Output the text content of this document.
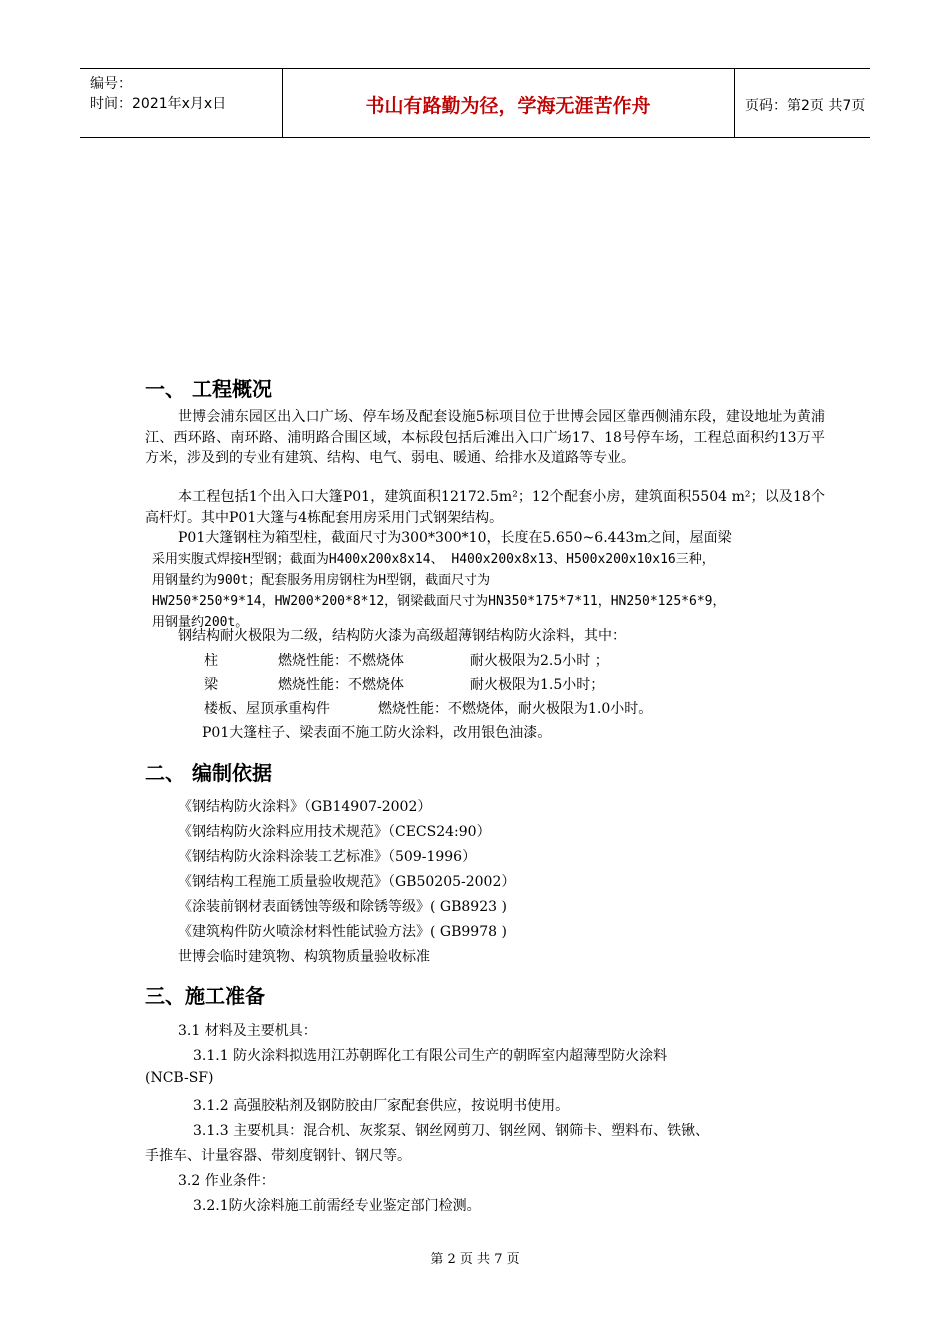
编号：
时间：2021年x月x日	书山有路勤为径，学海无涯苦作舟	页码：第2页 共7页
一、 工程概况
世博会浦东园区出入口广场、停车场及配套设施5标项目位于世博会园区靠西侧浦东段，建设地址为黄浦江、西环路、南环路、浦明路合围区域，本标段包括后滩出入口广场17、18号停车场，工程总面积约13万平方米，涉及到的专业有建筑、结构、电气、弱电、暖通、给排水及道路等专业。
本工程包括1个出入口大篷P01，建筑面积12172.5m²；12个配套小房，建筑面积5504 m²；以及18个高杆灯。其中P01大篷与4栋配套用房采用门式钢架结构。
P01大篷钢柱为箱型柱，截面尺寸为300*300*10，长度在5.650~6.443m之间，屋面梁
采用实腹式焊接H型钢；截面为H400x200x8x14、 H400x200x8x13、H500x200x10x16三种，
用钢量约为900t；配套服务用房钢柱为H型钢，截面尺寸为
HW250*250*9*14，HW200*200*8*12，钢梁截面尺寸为HN350*175*7*11，HN250*125*6*9，
用钢量约200t。
钢结构耐火极限为二级，结构防火漆为高级超薄钢结构防火涂料，其中：
柱	燃烧性能：不燃烧体	耐火极限为2.5小时 ；
梁	燃烧性能：不燃烧体	耐火极限为1.5小时；
楼板、屋顶承重构件	燃烧性能：不燃烧体，耐火极限为1.0小时。
P01大篷柱子、梁表面不施工防火涂料，改用银色油漆。
二、 编制依据
《钢结构防火涂料》（GB14907-2002）
《钢结构防火涂料应用技术规范》（CECS24:90）
《钢结构防火涂料涂装工艺标准》（509-1996）
《钢结构工程施工质量验收规范》（GB50205-2002）
《涂装前钢材表面锈蚀等级和除锈等级》( GB8923 )
《建筑构件防火喷涂材料性能试验方法》( GB9978 )
世博会临时建筑物、构筑物质量验收标准
三、施工准备
3.1 材料及主要机具：
3.1.1 防火涂料拟选用江苏朝晖化工有限公司生产的朝晖室内超薄型防火涂料
(NCB-SF)
3.1.2 高强胶粘剂及钢防胶由厂家配套供应，按说明书使用。
3.1.3 主要机具：混合机、灰浆泵、钢丝网剪刀、钢丝网、钢筛卡、塑料布、铁锹、
手推车、计量容器、带刻度钢针、钢尺等。
3.2 作业条件：
3.2.1防火涂料施工前需经专业鉴定部门检测。
第 2 页 共 7 页
